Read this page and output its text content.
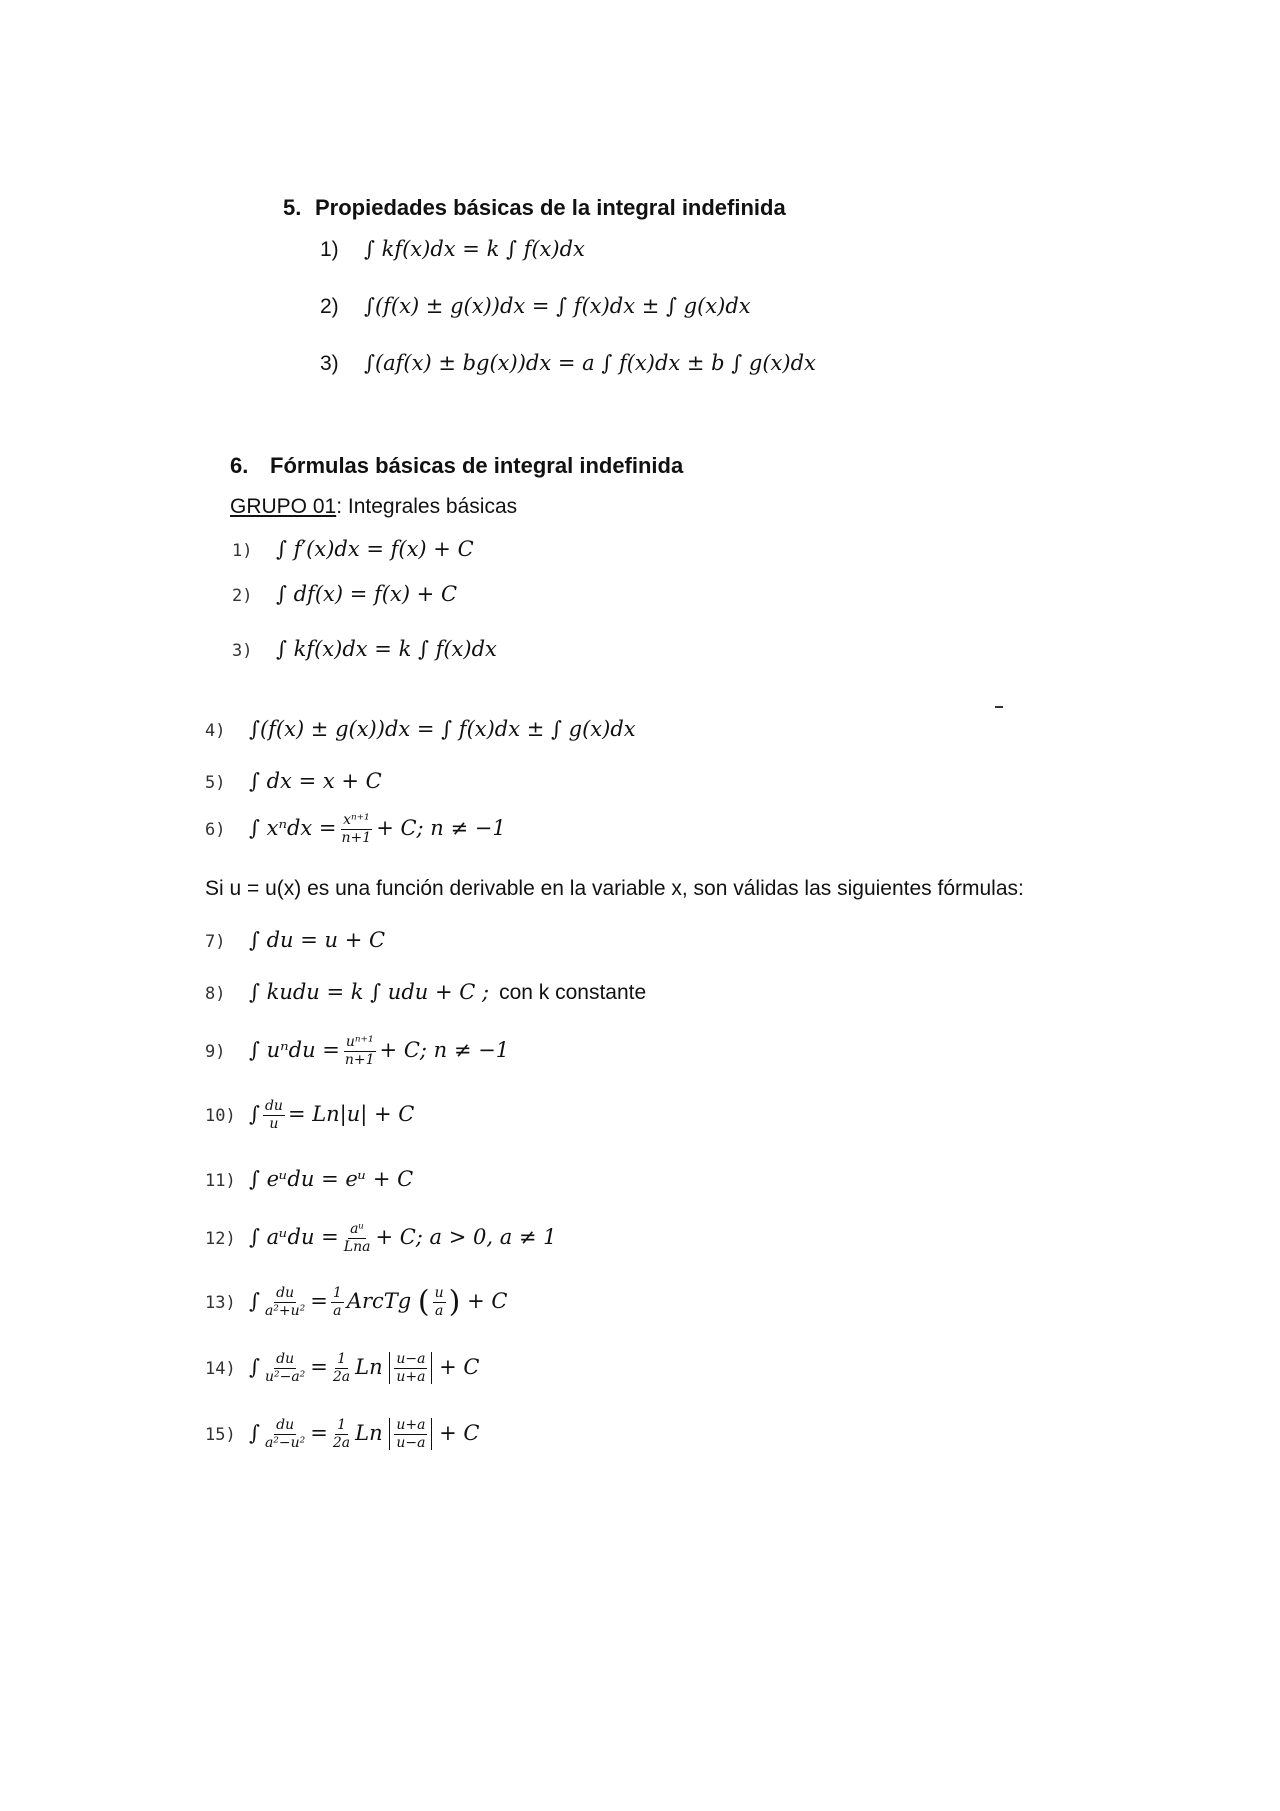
5. Propiedades básicas de la integral indefinida
1) ∫ kf(x)dx = k ∫ f(x)dx
2) ∫(f(x) ± g(x))dx = ∫ f(x)dx ± ∫ g(x)dx
3) ∫(af(x) ± bg(x))dx = a ∫ f(x)dx ± b ∫ g(x)dx
6. Fórmulas básicas de integral indefinida
GRUPO 01: Integrales básicas
1) ∫ f′(x)dx = f(x) + C
2) ∫ df(x) = f(x) + C
3) ∫ kf(x)dx = k ∫ f(x)dx
4) ∫(f(x) ± g(x))dx = ∫ f(x)dx ± ∫ g(x)dx
5) ∫ dx = x + C
6) ∫ $x^ndx = \frac{\text{xⁿ⁺¹}}{n+1} + C$; n ≠ −1
Si u = u(x) es una función derivable en la variable x, son válidas las siguientes fórmulas:
7) ∫ du = u + C
8) ∫ kudu = k ∫ udu + C ; con k constante
9) ∫ $u^ndu = \frac{\text{uⁿ⁺¹}}{n+1} + C$; n ≠ −1
10) ∫ $\frac{du}{u} = Ln|u| + C$
11) ∫ eᵘdu = eᵘ + C
12) ∫ aᵘdu = $\frac{\text{aᵘ}}{\text{Lna}} + C$; a > 0, a ≠ 1
13) ∫ $\frac{du}{\text{a²+u²}} = \frac{1}{a}$ ArcTg ( $\frac{u}{a}$ ) + C
14) ∫ $\frac{du}{\text{u²−a²}} = \frac{1}{2a}$ Ln $\frac{u-a}{u+a} + C$
15) ∫ $\frac{du}{\text{a²−u²}} = \frac{1}{2a}$ Ln $\frac{u+a}{u-a} + C$
